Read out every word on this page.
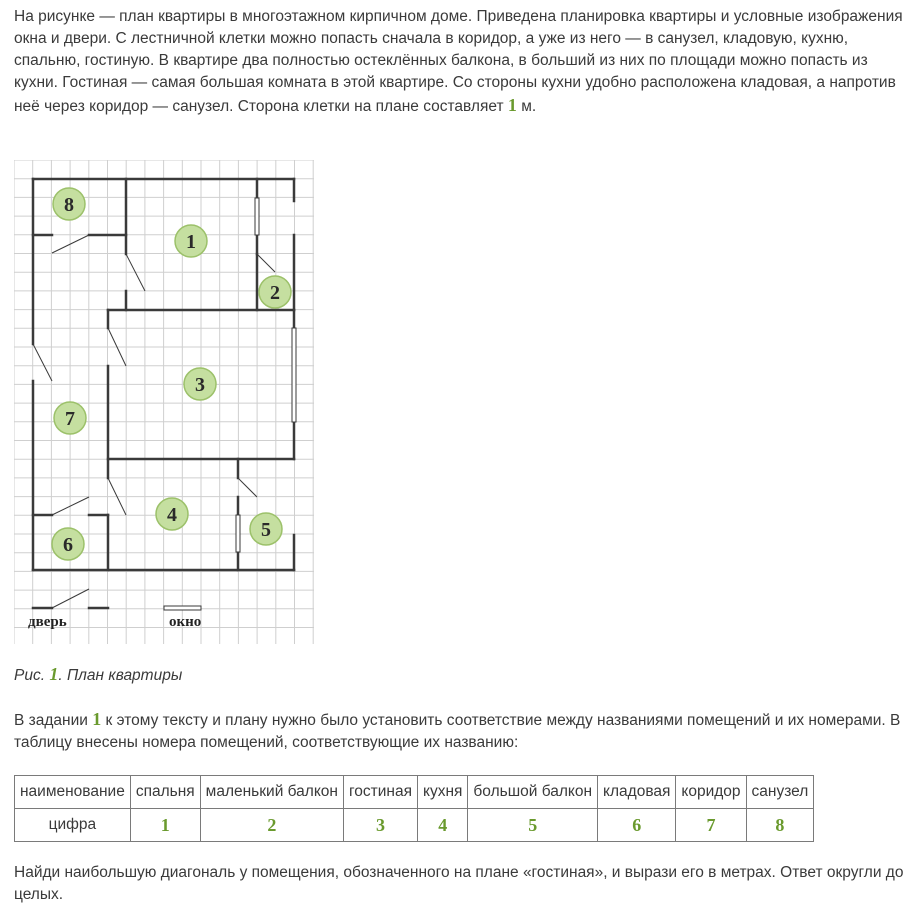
На рисунке — план квартиры в многоэтажном кирпичном доме. Приведена планировка квартиры и условные изображения окна и двери. С лестничной клетки можно попасть сначала в коридор, а уже из него — в санузел, кладовую, кухню, спальню, гостиную. В квартире два полностью остеклённых балкона, в больший из них по площади можно попасть из кухни. Гостиная — самая большая комната в этой квартире. Со стороны кухни удобно расположена кладовая, а напротив неё через коридор — санузел. Сторона клетки на плане составляет 1 м.

1
2
3
4
5
6
7
8
дверь	окно
Рис. 1. План квартиры

В задании 1 к этому тексту и плану нужно было установить соответствие между названиями помещений и их номерами. В таблицу внесены номера помещений, соответствующие их названию:

наименование	спальня	маленький балкон	гостиная	кухня	большой балкон	кладовая	коридор	санузел
цифра	1	2	3	4	5	6	7	8

Найди наибольшую диагональ у помещения, обозначенного на плане «гостиная», и вырази его в метрах. Ответ округли до целых.
